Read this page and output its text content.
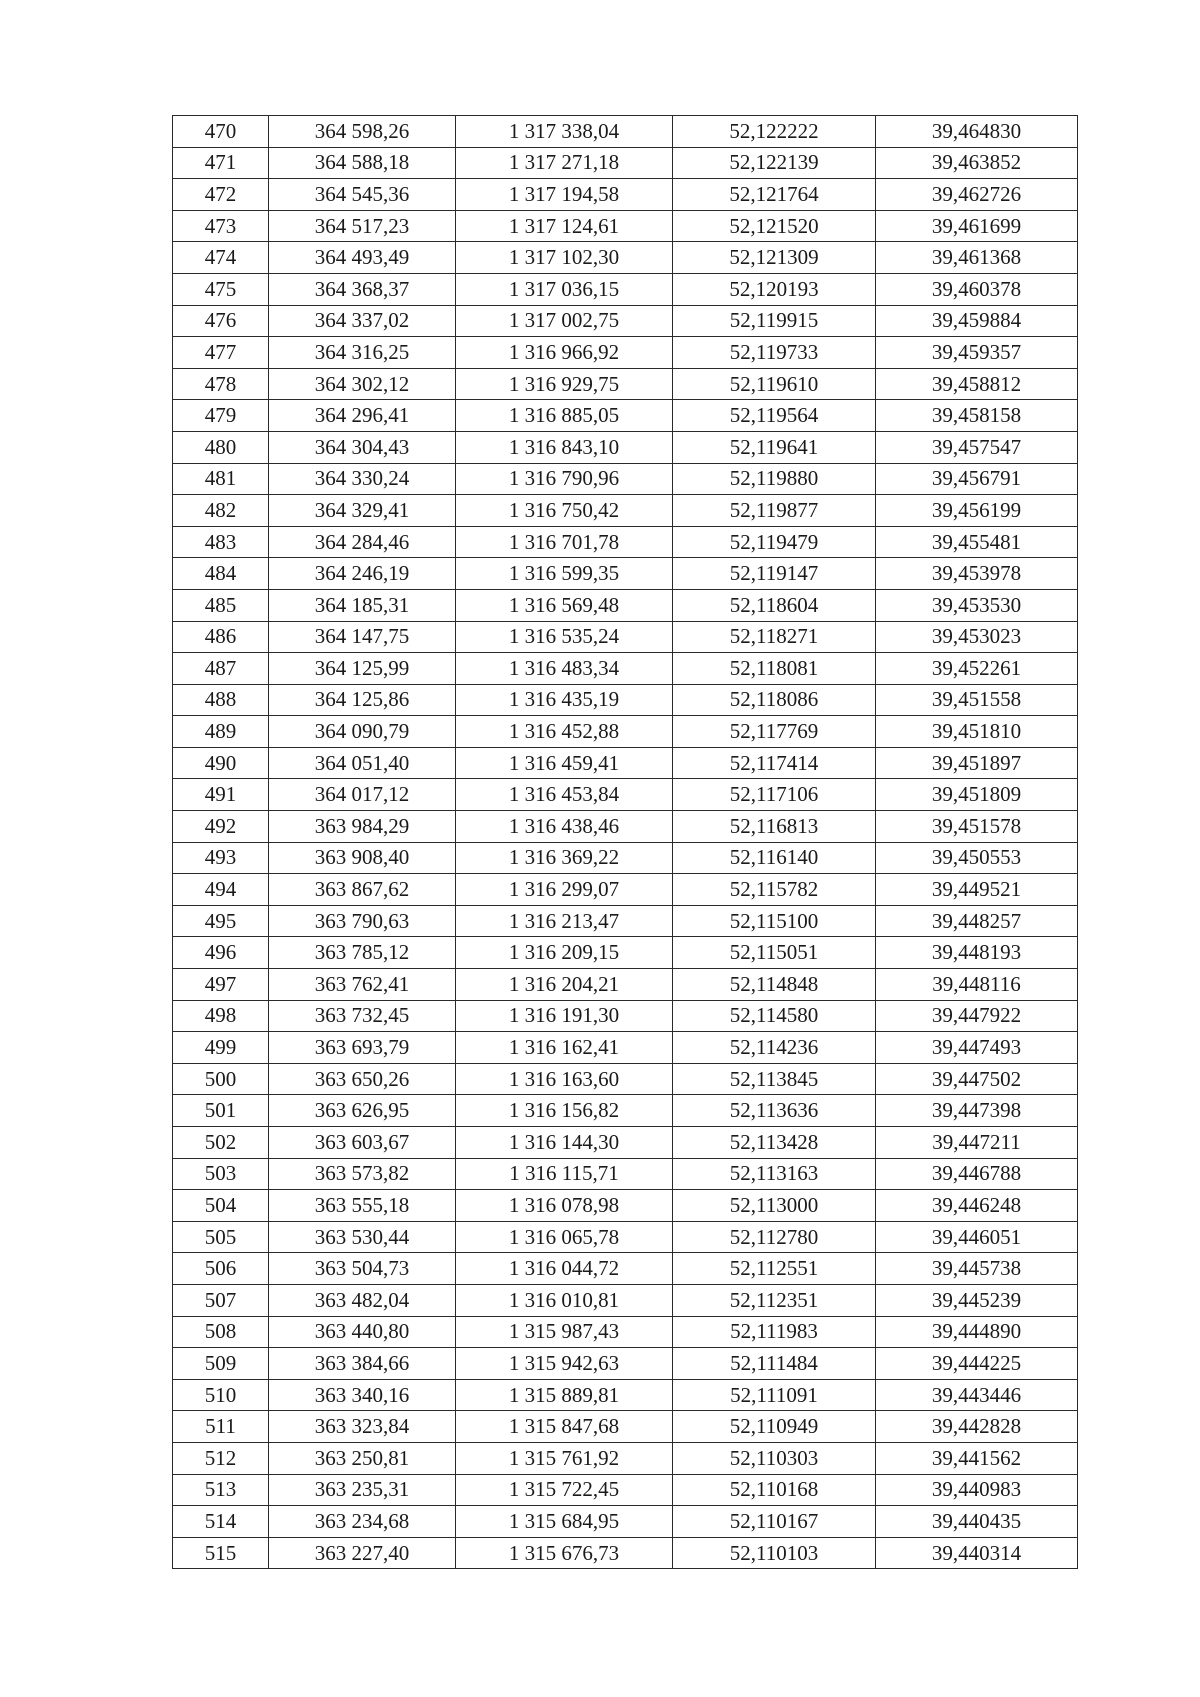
470	364 598,26	1 317 338,04	52,122222	39,464830
471	364 588,18	1 317 271,18	52,122139	39,463852
472	364 545,36	1 317 194,58	52,121764	39,462726
473	364 517,23	1 317 124,61	52,121520	39,461699
474	364 493,49	1 317 102,30	52,121309	39,461368
475	364 368,37	1 317 036,15	52,120193	39,460378
476	364 337,02	1 317 002,75	52,119915	39,459884
477	364 316,25	1 316 966,92	52,119733	39,459357
478	364 302,12	1 316 929,75	52,119610	39,458812
479	364 296,41	1 316 885,05	52,119564	39,458158
480	364 304,43	1 316 843,10	52,119641	39,457547
481	364 330,24	1 316 790,96	52,119880	39,456791
482	364 329,41	1 316 750,42	52,119877	39,456199
483	364 284,46	1 316 701,78	52,119479	39,455481
484	364 246,19	1 316 599,35	52,119147	39,453978
485	364 185,31	1 316 569,48	52,118604	39,453530
486	364 147,75	1 316 535,24	52,118271	39,453023
487	364 125,99	1 316 483,34	52,118081	39,452261
488	364 125,86	1 316 435,19	52,118086	39,451558
489	364 090,79	1 316 452,88	52,117769	39,451810
490	364 051,40	1 316 459,41	52,117414	39,451897
491	364 017,12	1 316 453,84	52,117106	39,451809
492	363 984,29	1 316 438,46	52,116813	39,451578
493	363 908,40	1 316 369,22	52,116140	39,450553
494	363 867,62	1 316 299,07	52,115782	39,449521
495	363 790,63	1 316 213,47	52,115100	39,448257
496	363 785,12	1 316 209,15	52,115051	39,448193
497	363 762,41	1 316 204,21	52,114848	39,448116
498	363 732,45	1 316 191,30	52,114580	39,447922
499	363 693,79	1 316 162,41	52,114236	39,447493
500	363 650,26	1 316 163,60	52,113845	39,447502
501	363 626,95	1 316 156,82	52,113636	39,447398
502	363 603,67	1 316 144,30	52,113428	39,447211
503	363 573,82	1 316 115,71	52,113163	39,446788
504	363 555,18	1 316 078,98	52,113000	39,446248
505	363 530,44	1 316 065,78	52,112780	39,446051
506	363 504,73	1 316 044,72	52,112551	39,445738
507	363 482,04	1 316 010,81	52,112351	39,445239
508	363 440,80	1 315 987,43	52,111983	39,444890
509	363 384,66	1 315 942,63	52,111484	39,444225
510	363 340,16	1 315 889,81	52,111091	39,443446
511	363 323,84	1 315 847,68	52,110949	39,442828
512	363 250,81	1 315 761,92	52,110303	39,441562
513	363 235,31	1 315 722,45	52,110168	39,440983
514	363 234,68	1 315 684,95	52,110167	39,440435
515	363 227,40	1 315 676,73	52,110103	39,440314
